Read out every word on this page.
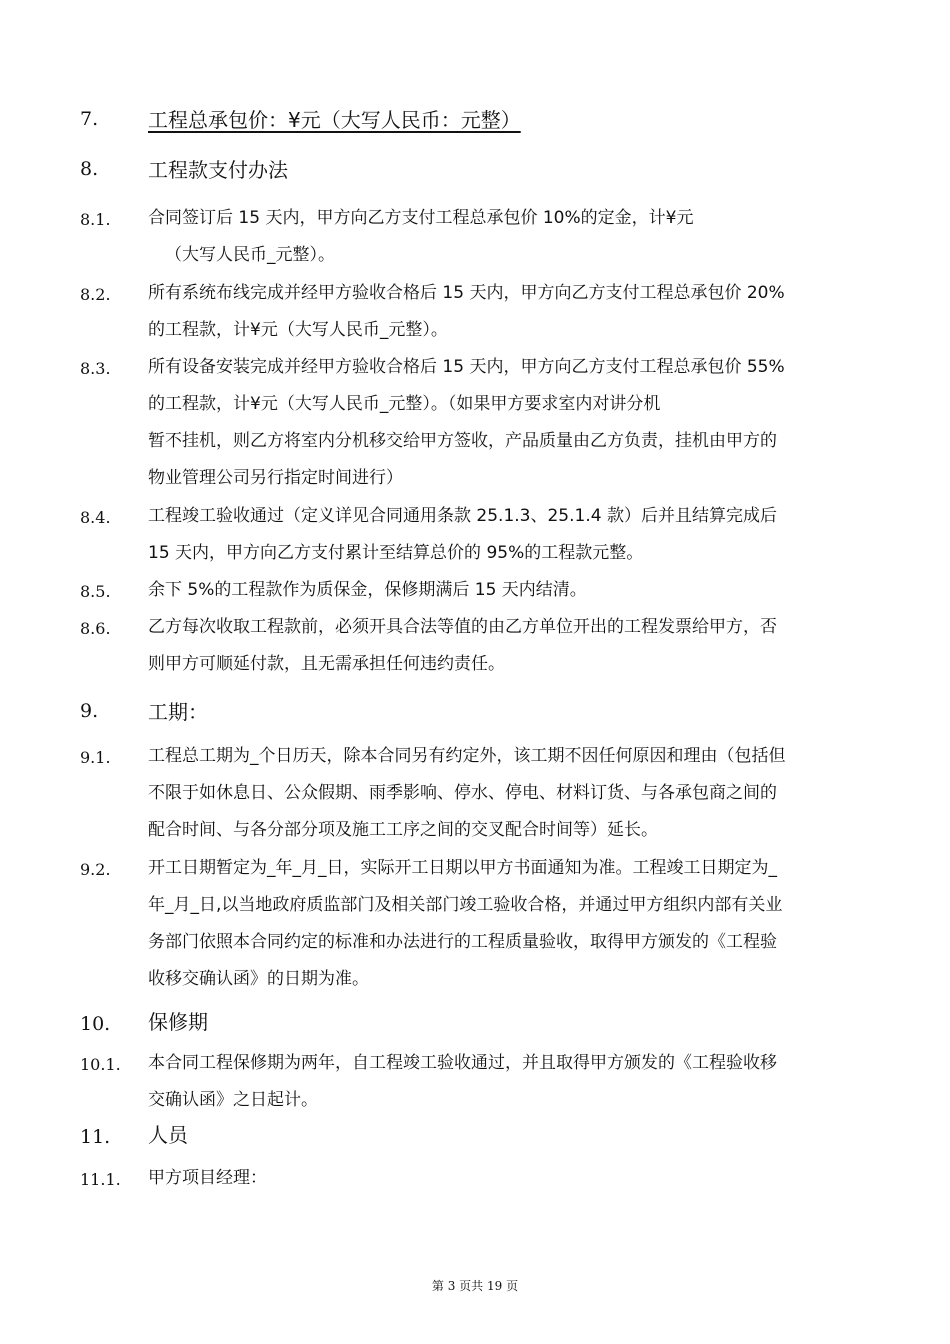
7. 工程总承包价：¥元（大写人民币：元整）
8. 工程款支付办法
8.1. 合同签订后 15 天内，甲方向乙方支付工程总承包价 10%的定金，计¥元
（大写人民币_元整）。
8.2. 所有系统布线完成并经甲方验收合格后 15 天内，甲方向乙方支付工程总承包价 20%
的工程款，计¥元（大写人民币_元整）。
8.3. 所有设备安装完成并经甲方验收合格后 15 天内，甲方向乙方支付工程总承包价 55%
的工程款，计¥元（大写人民币_元整）。（如果甲方要求室内对讲分机
暂不挂机，则乙方将室内分机移交给甲方签收，产品质量由乙方负责，挂机由甲方的
物业管理公司另行指定时间进行）
8.4. 工程竣工验收通过（定义详见合同通用条款 25.1.3、25.1.4 款）后并且结算完成后
15 天内，甲方向乙方支付累计至结算总价的 95%的工程款元整。
8.5. 余下 5%的工程款作为质保金，保修期满后 15 天内结清。
8.6. 乙方每次收取工程款前，必须开具合法等值的由乙方单位开出的工程发票给甲方，否
则甲方可顺延付款，且无需承担任何违约责任。
9. 工期：
9.1. 工程总工期为_个日历天，除本合同另有约定外，该工期不因任何原因和理由（包括但
不限于如休息日、公众假期、雨季影响、停水、停电、材料订货、与各承包商之间的
配合时间、与各分部分项及施工工序之间的交叉配合时间等）延长。
9.2. 开工日期暂定为_年_月_日，实际开工日期以甲方书面通知为准。工程竣工日期定为_
年_月_日,以当地政府质监部门及相关部门竣工验收合格，并通过甲方组织内部有关业
务部门依照本合同约定的标准和办法进行的工程质量验收，取得甲方颁发的《工程验
收移交确认函》的日期为准。
10. 保修期
10.1. 本合同工程保修期为两年，自工程竣工验收通过，并且取得甲方颁发的《工程验收移
交确认函》之日起计。
11. 人员
11.1. 甲方项目经理：
第 3 页共 19 页
